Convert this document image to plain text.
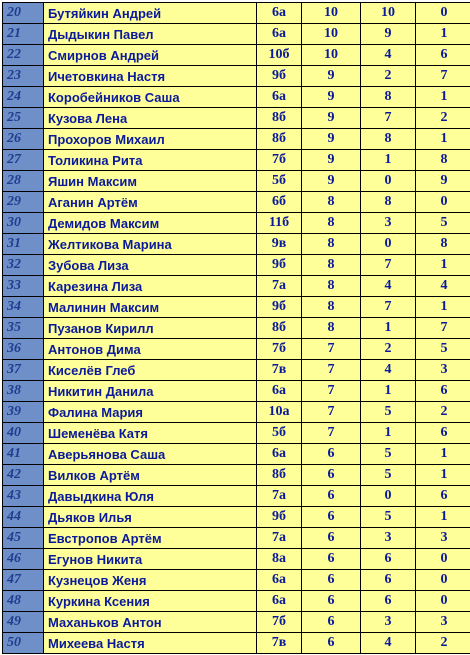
20	Бутяйкин Андрей	6а	10	10	0
21	Дыдыкин Павел	6а	10	9	1
22	Смирнов Андрей	10б	10	4	6
23	Ичетовкина Настя	9б	9	2	7
24	Коробейников Саша	6а	9	8	1
25	Кузова Лена	8б	9	7	2
26	Прохоров Михаил	8б	9	8	1
27	Толикина Рита	7б	9	1	8
28	Яшин Максим	5б	9	0	9
29	Аганин Артём	6б	8	8	0
30	Демидов Максим	11б	8	3	5
31	Желтикова Марина	9в	8	0	8
32	Зубова Лиза	9б	8	7	1
33	Карезина Лиза	7а	8	4	4
34	Малинин Максим	9б	8	7	1
35	Пузанов Кирилл	8б	8	1	7
36	Антонов Дима	7б	7	2	5
37	Киселёв Глеб	7в	7	4	3
38	Никитин Данила	6а	7	1	6
39	Фалина Мария	10а	7	5	2
40	Шеменёва Катя	5б	7	1	6
41	Аверьянова Саша	6а	6	5	1
42	Вилков Артём	8б	6	5	1
43	Давыдкина Юля	7а	6	0	6
44	Дьяков Илья	9б	6	5	1
45	Евстропов Артём	7а	6	3	3
46	Егунов Никита	8а	6	6	0
47	Кузнецов Женя	6а	6	6	0
48	Куркина Ксения	6а	6	6	0
49	Маханьков Антон	7б	6	3	3
50	Михеева Настя	7в	6	4	2
